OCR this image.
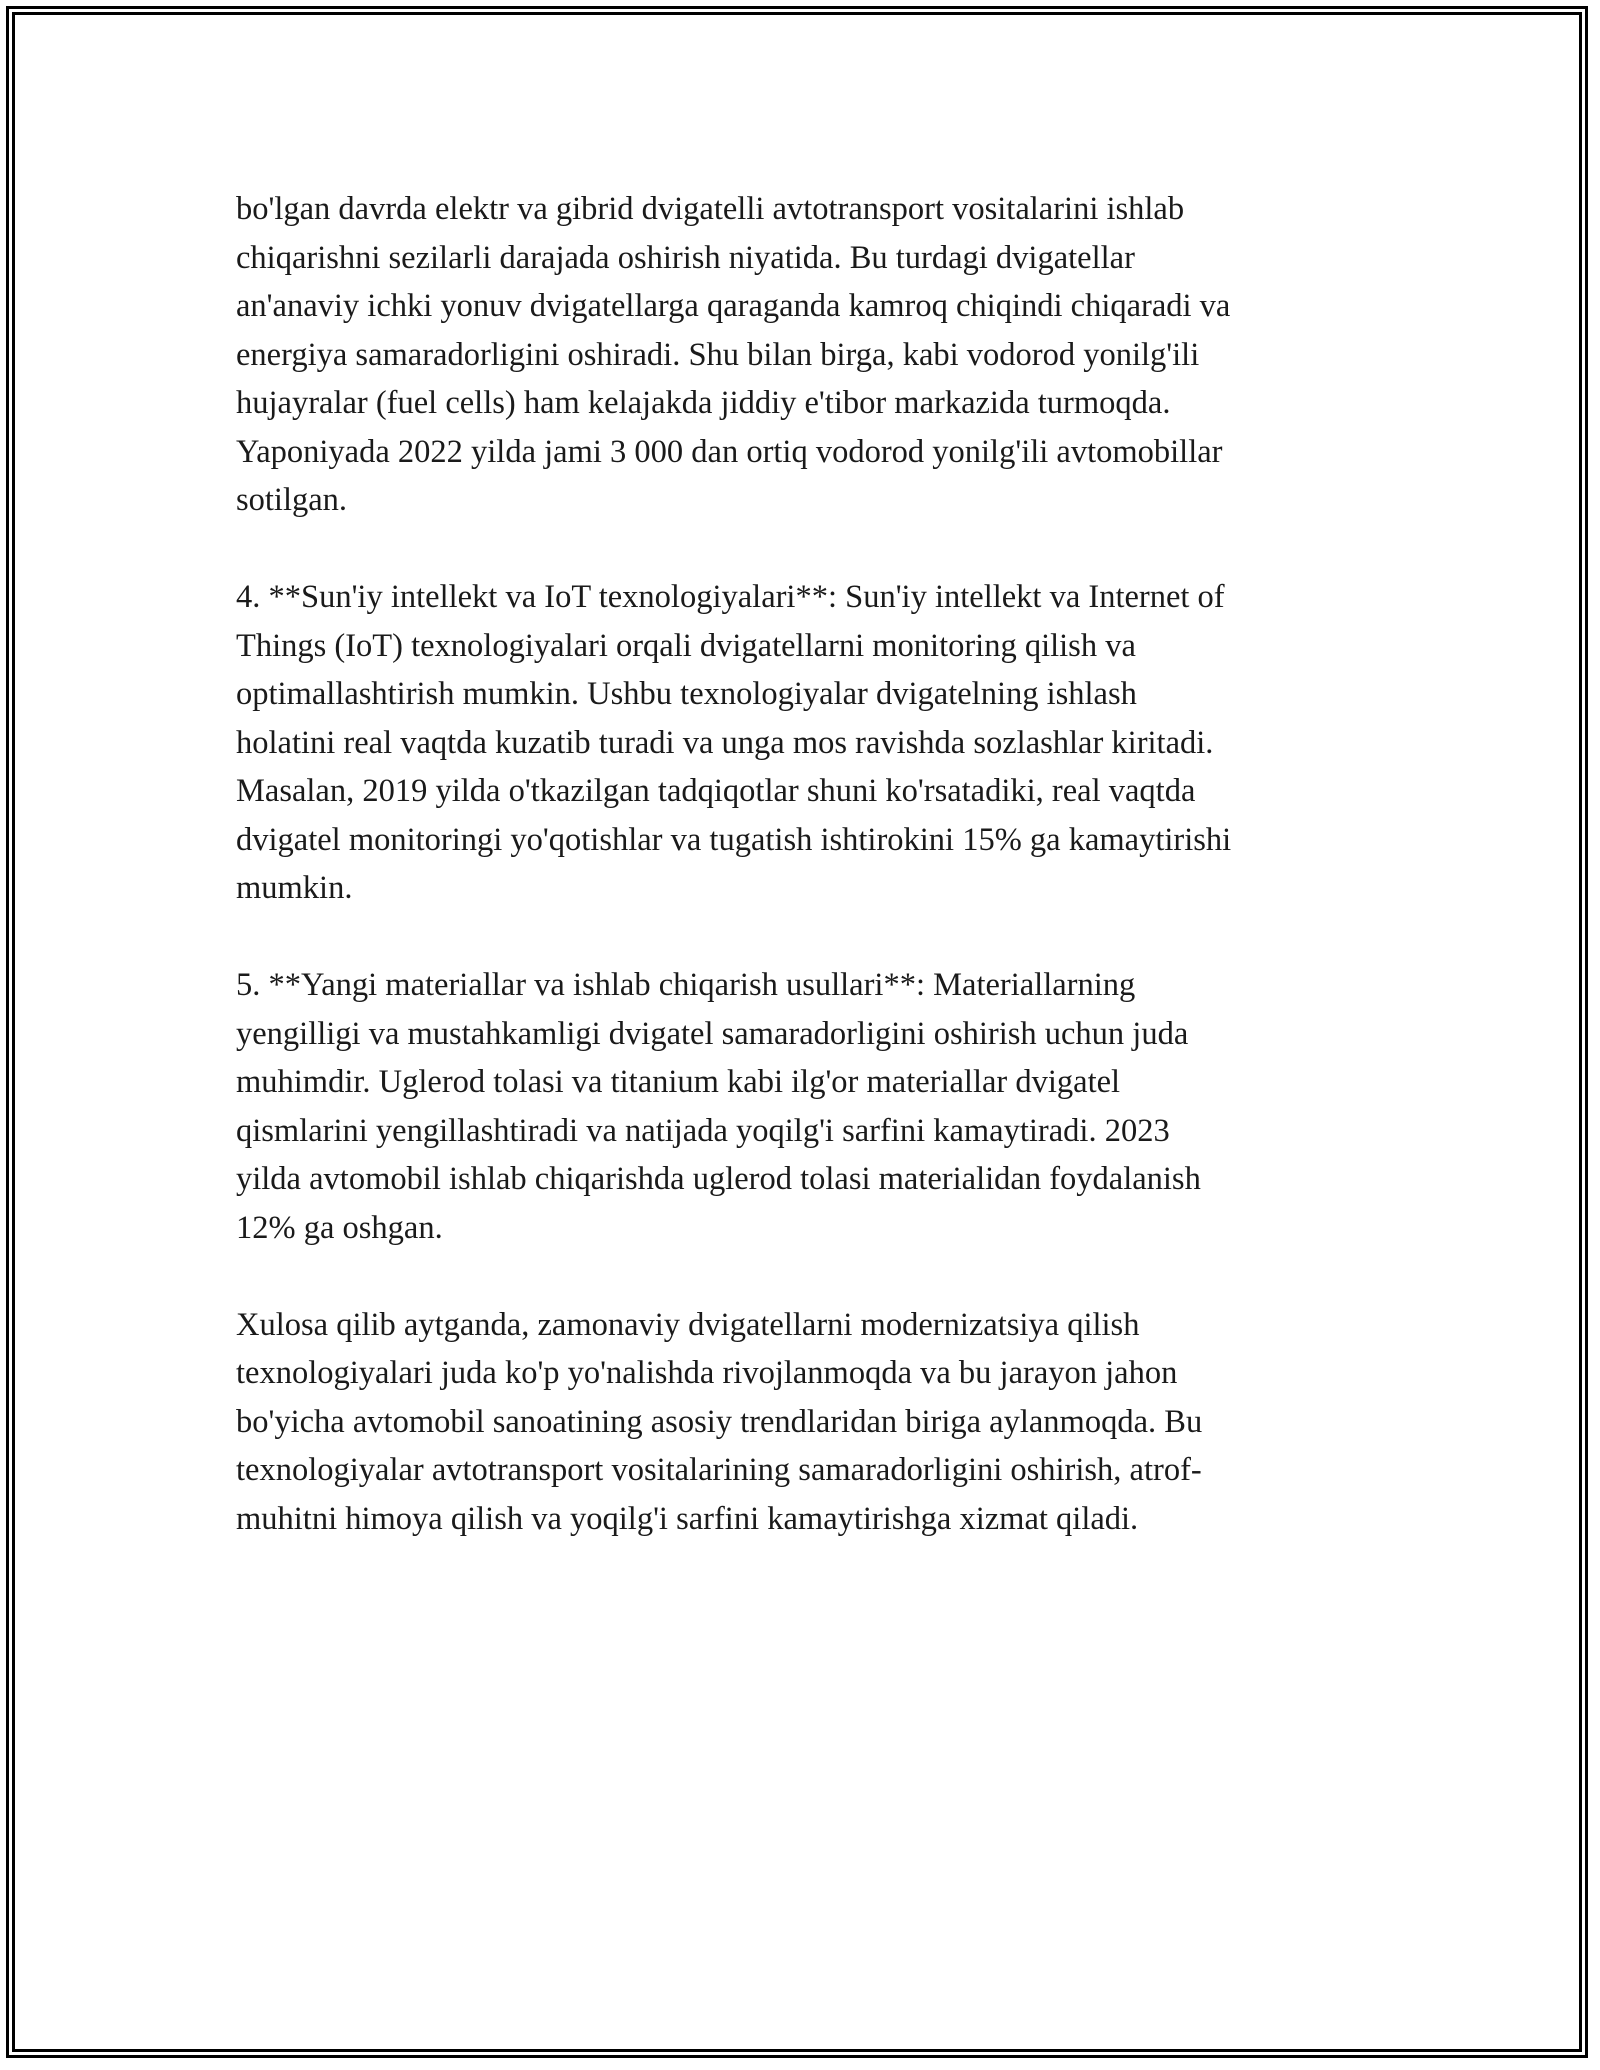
bo'lgan davrda elektr va gibrid dvigatelli avtotransport vositalarini ishlab
chiqarishni sezilarli darajada oshirish niyatida. Bu turdagi dvigatellar
an'anaviy ichki yonuv dvigatellarga qaraganda kamroq chiqindi chiqaradi va
energiya samaradorligini oshiradi. Shu bilan birga, kabi vodorod yonilg'ili
hujayralar (fuel cells) ham kelajakda jiddiy e'tibor markazida turmoqda.
Yaponiyada 2022 yilda jami 3 000 dan ortiq vodorod yonilg'ili avtomobillar
sotilgan.

4. **Sun'iy intellekt va IoT texnologiyalari**: Sun'iy intellekt va Internet of
Things (IoT) texnologiyalari orqali dvigatellarni monitoring qilish va
optimallashtirish mumkin. Ushbu texnologiyalar dvigatelning ishlash
holatini real vaqtda kuzatib turadi va unga mos ravishda sozlashlar kiritadi.
Masalan, 2019 yilda o'tkazilgan tadqiqotlar shuni ko'rsatadiki, real vaqtda
dvigatel monitoringi yo'qotishlar va tugatish ishtirokini 15% ga kamaytirishi
mumkin.

5. **Yangi materiallar va ishlab chiqarish usullari**: Materiallarning
yengilligi va mustahkamligi dvigatel samaradorligini oshirish uchun juda
muhimdir. Uglerod tolasi va titanium kabi ilg'or materiallar dvigatel
qismlarini yengillashtiradi va natijada yoqilg'i sarfini kamaytiradi. 2023
yilda avtomobil ishlab chiqarishda uglerod tolasi materialidan foydalanish
12% ga oshgan.

Xulosa qilib aytganda, zamonaviy dvigatellarni modernizatsiya qilish
texnologiyalari juda ko'p yo'nalishda rivojlanmoqda va bu jarayon jahon
bo'yicha avtomobil sanoatining asosiy trendlaridan biriga aylanmoqda. Bu
texnologiyalar avtotransport vositalarining samaradorligini oshirish, atrof-
muhitni himoya qilish va yoqilg'i sarfini kamaytirishga xizmat qiladi.
